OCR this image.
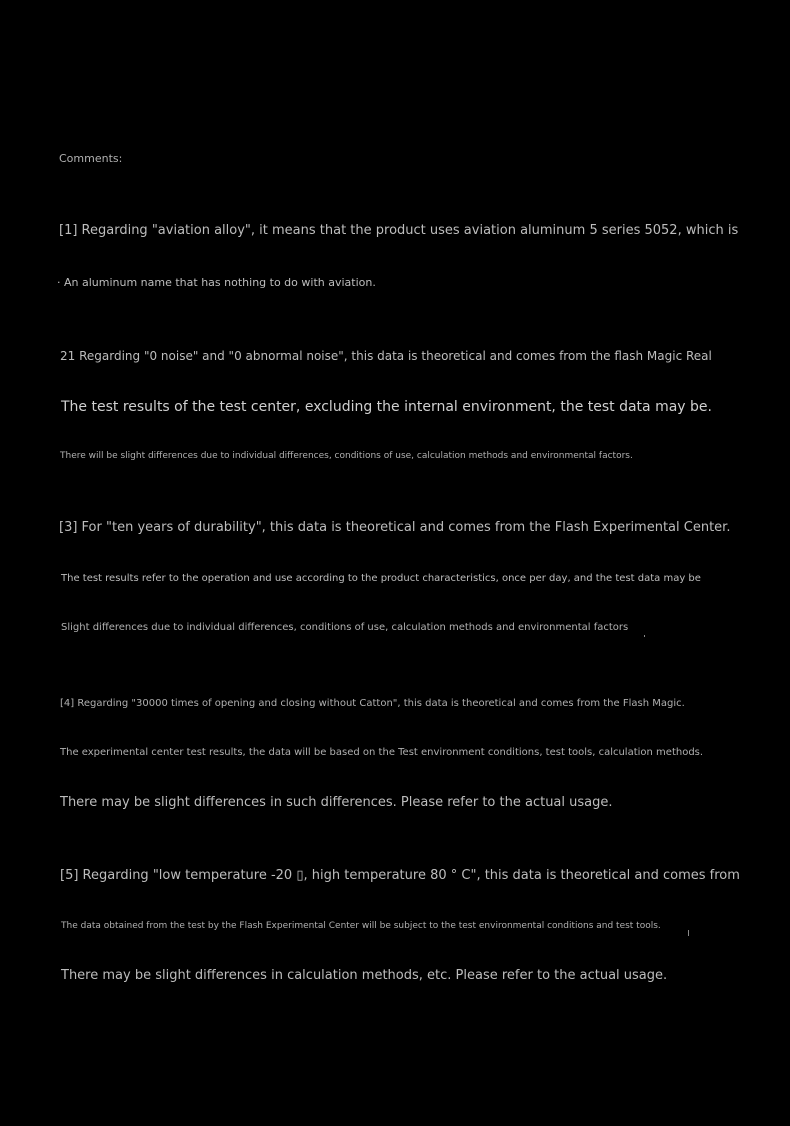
Comments:

[1] Regarding "aviation alloy", it means that the product uses aviation aluminum 5 series 5052, which is

· An aluminum name that has nothing to do with aviation.

21 Regarding "0 noise" and "0 abnormal noise", this data is theoretical and comes from the flash Magic Real

The test results of the test center, excluding the internal environment, the test data may be.

There will be slight differences due to individual differences, conditions of use, calculation methods and environmental factors.

[3] For "ten years of durability", this data is theoretical and comes from the Flash Experimental Center.

The test results refer to the operation and use according to the product characteristics, once per day, and the test data may be

Slight differences due to individual differences, conditions of use, calculation methods and environmental factors

[4] Regarding "30000 times of opening and closing without Catton", this data is theoretical and comes from the Flash Magic.

The experimental center test results, the data will be based on the Test environment conditions, test tools, calculation methods.

There may be slight differences in such differences. Please refer to the actual usage.

[5] Regarding "low temperature -20 ▯, high temperature 80 ° C", this data is theoretical and comes from

The data obtained from the test by the Flash Experimental Center will be subject to the test environmental conditions and test tools.

There may be slight differences in calculation methods, etc. Please refer to the actual usage.
